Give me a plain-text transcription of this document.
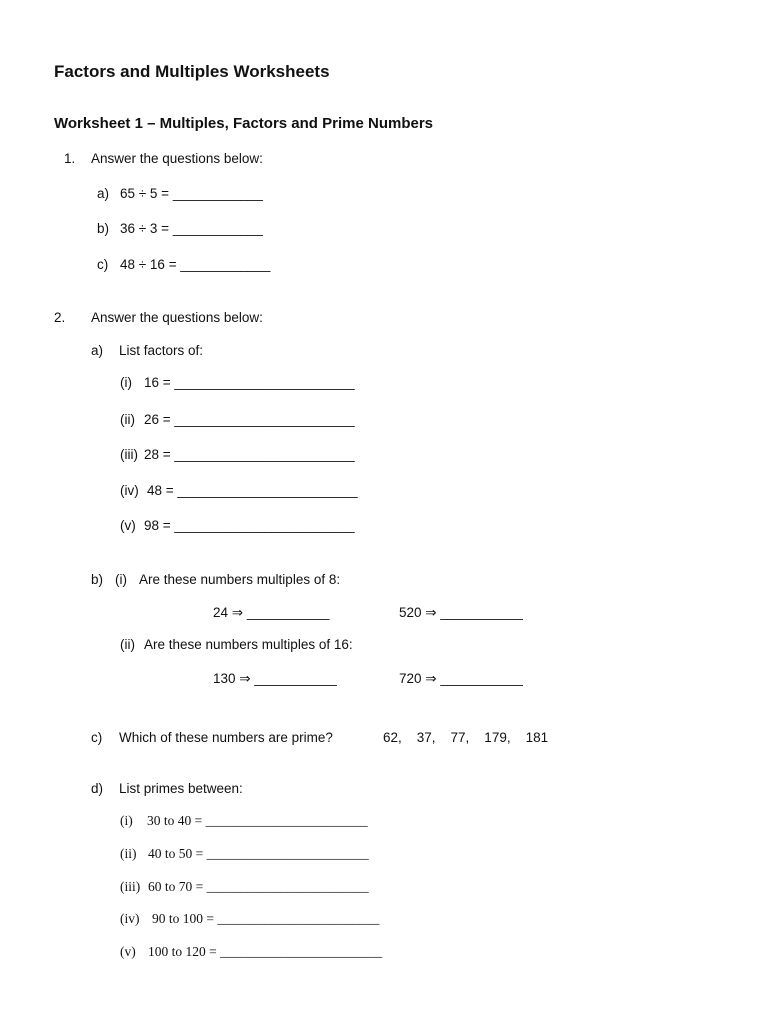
Factors and Multiples Worksheets
Worksheet 1 – Multiples, Factors and Prime Numbers
1. Answer the questions below:
a) 65 ÷ 5 = ____________
b) 36 ÷ 3 = ____________
c) 48 ÷ 16 = ____________
2. Answer the questions below:
a) List factors of:
(i) 16 = ________________________
(ii) 26 = ________________________
(iii) 28 = ________________________
(iv) 48 = ________________________
(v) 98 = ________________________
b) (i) Are these numbers multiples of 8:
24 ⇒ ___________	520 ⇒ ___________
(ii) Are these numbers multiples of 16:
130 ⇒ ___________	720 ⇒ ___________
c) Which of these numbers are prime?	62,    37,    77,    179,    181
d) List primes between:
(i) 30 to 40 = ________________________
(ii) 40 to 50 = ________________________
(iii) 60 to 70 = ________________________
(iv) 90 to 100 = ________________________
(v) 100 to 120 = ________________________
